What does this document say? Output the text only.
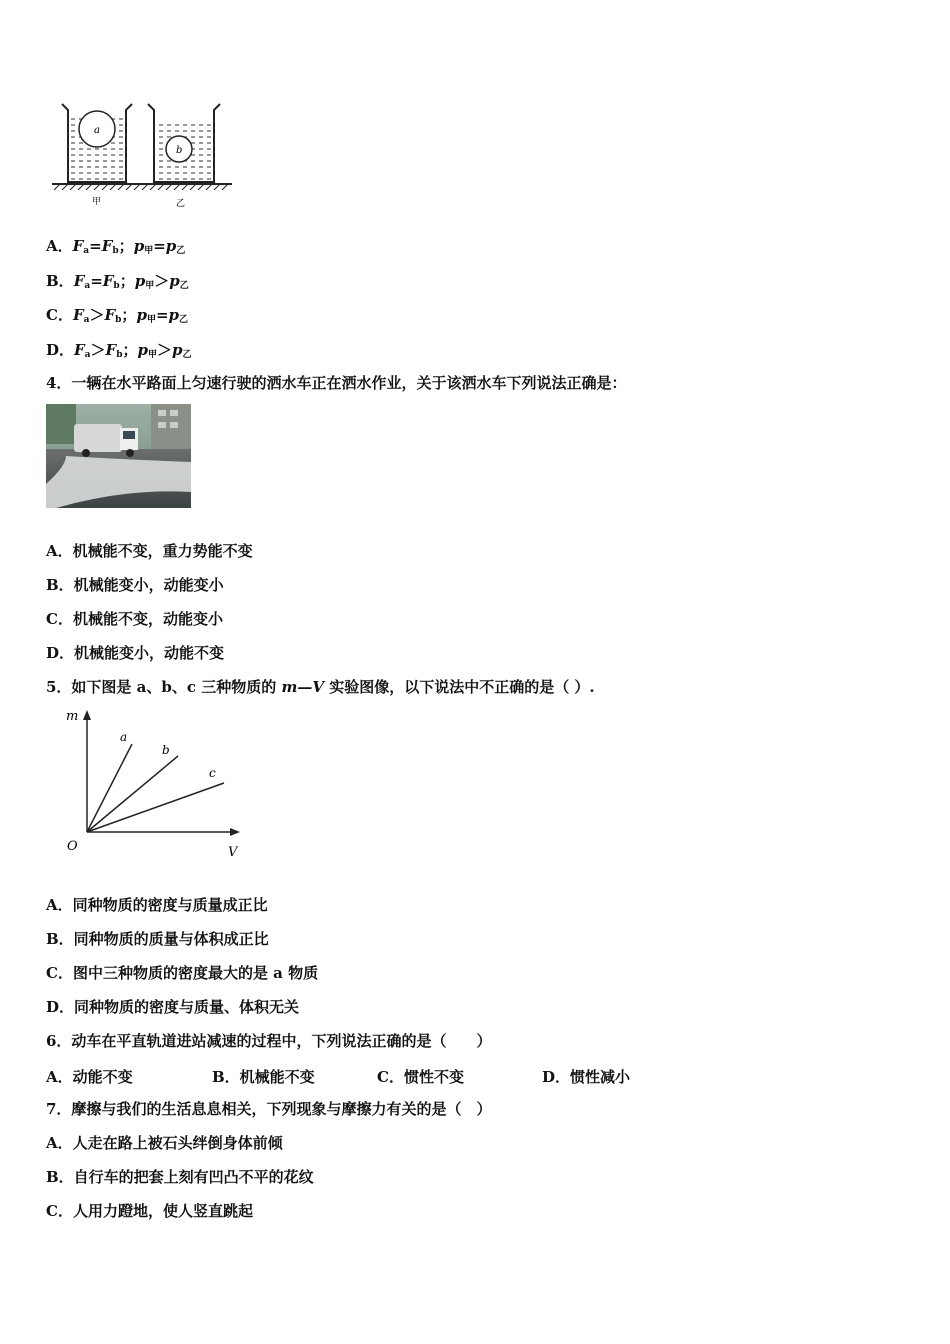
a
b
甲	乙
A．$F_a=F_b$；$p_甲=p_乙$
B．$F_a=F_b$；$p_甲>p_乙$
C．$F_a>F_b$；$p_甲=p_乙$
D．$F_a>F_b$；$p_甲>p_乙$
4．一辆在水平路面上匀速行驶的洒水车正在洒水作业，关于该洒水车下列说法正确是：
A．机械能不变，重力势能不变
B．机械能变小，动能变小
C．机械能不变，动能变小
D．机械能变小，动能不变
5．如下图是 a、b、c 三种物质的 m—V 实验图像，以下说法中不正确的是（ ）.
m
V
O
a
b
c
A．同种物质的密度与质量成正比
B．同种物质的质量与体积成正比
C．图中三种物质的密度最大的是 a 物质
D．同种物质的密度与质量、体积无关
6．动车在平直轨道进站减速的过程中，下列说法正确的是（　　）
A．动能不变	B．机械能不变	C．惯性不变	D．惯性减小
7．摩擦与我们的生活息息相关，下列现象与摩擦力有关的是（　）
A．人走在路上被石头绊倒身体前倾
B．自行车的把套上刻有凹凸不平的花纹
C．人用力蹬地，使人竖直跳起
